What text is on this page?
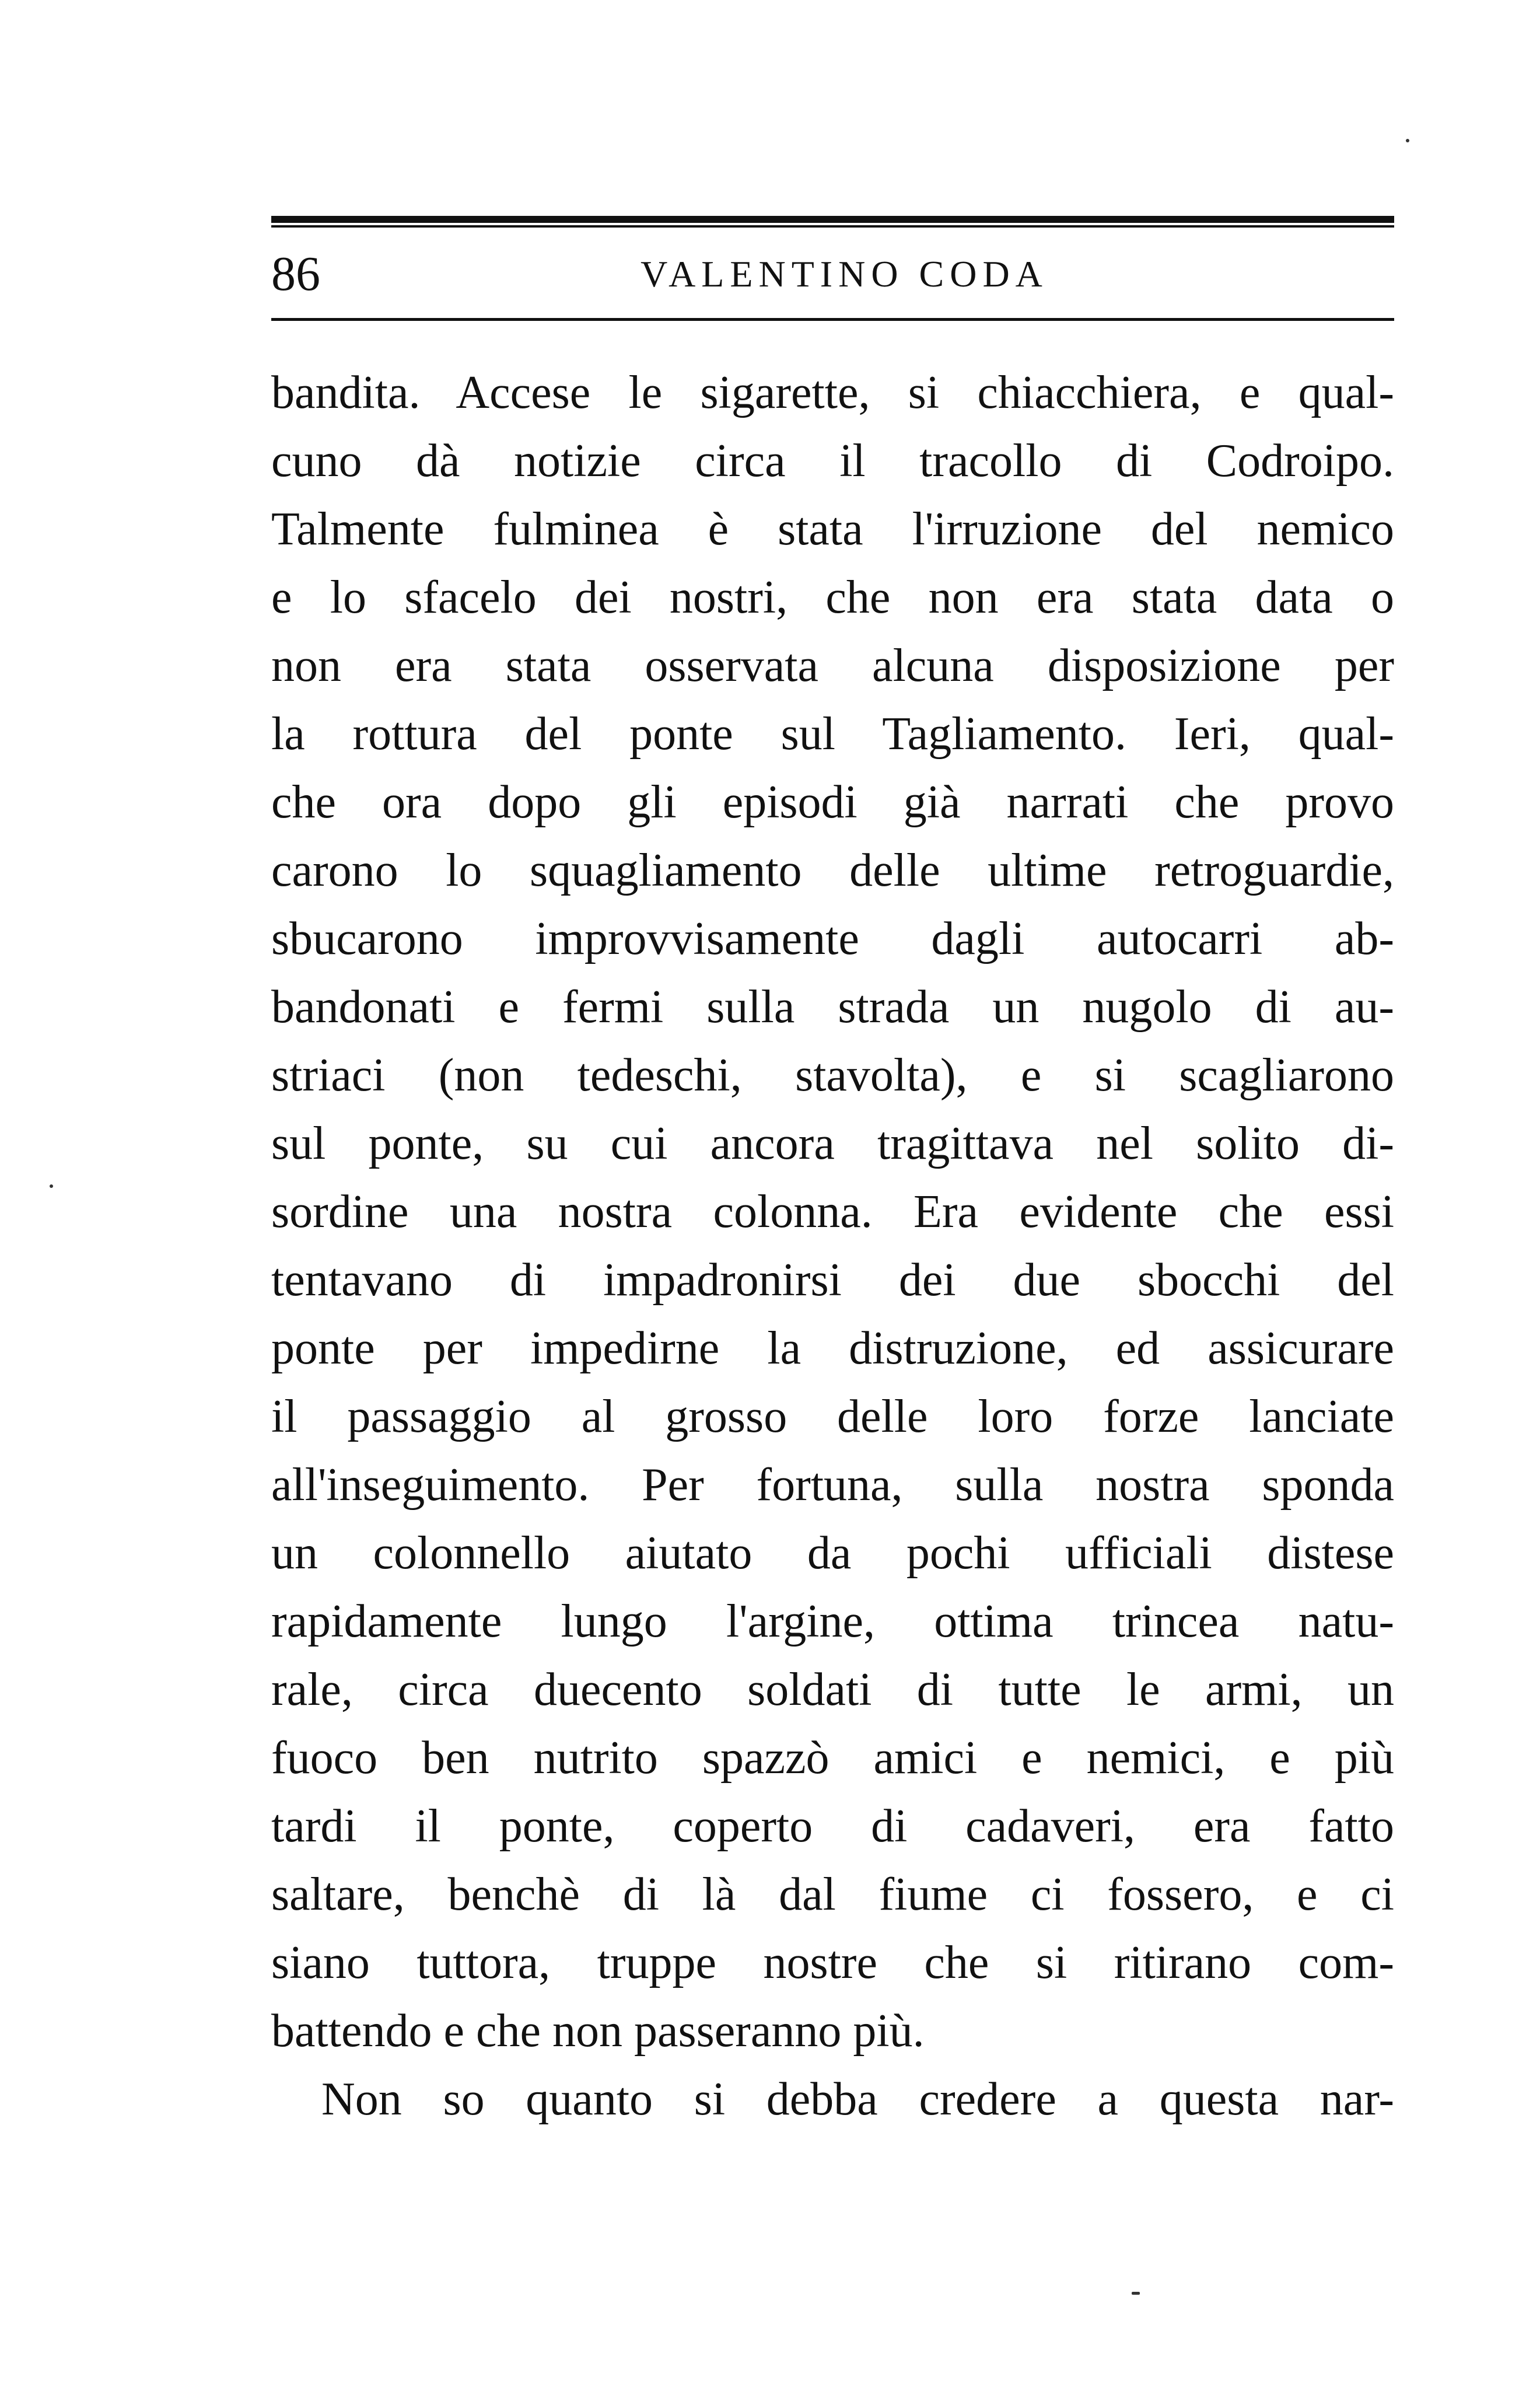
86	VALENTINO CODA
bandita. Accese le sigarette, si chiacchiera, e qual-
cuno dà notizie circa il tracollo di Codroipo.
Talmente fulminea è stata l'irruzione del nemico
e lo sfacelo dei nostri, che non era stata data o
non era stata osservata alcuna disposizione per
la rottura del ponte sul Tagliamento. Ieri, qual-
che ora dopo gli episodi già narrati che provo
carono lo squagliamento delle ultime retroguardie,
sbucarono improvvisamente dagli autocarri ab-
bandonati e fermi sulla strada un nugolo di au-
striaci (non tedeschi, stavolta), e si scagliarono
sul ponte, su cui ancora tragittava nel solito di-
sordine una nostra colonna. Era evidente che essi
tentavano di impadronirsi dei due sbocchi del
ponte per impedirne la distruzione, ed assicurare
il passaggio al grosso delle loro forze lanciate
all'inseguimento. Per fortuna, sulla nostra sponda
un colonnello aiutato da pochi ufficiali distese
rapidamente lungo l'argine, ottima trincea natu-
rale, circa duecento soldati di tutte le armi, un
fuoco ben nutrito spazzò amici e nemici, e più
tardi il ponte, coperto di cadaveri, era fatto
saltare, benchè di là dal fiume ci fossero, e ci
siano tuttora, truppe nostre che si ritirano com-
battendo e che non passeranno più.
Non so quanto si debba credere a questa nar-
